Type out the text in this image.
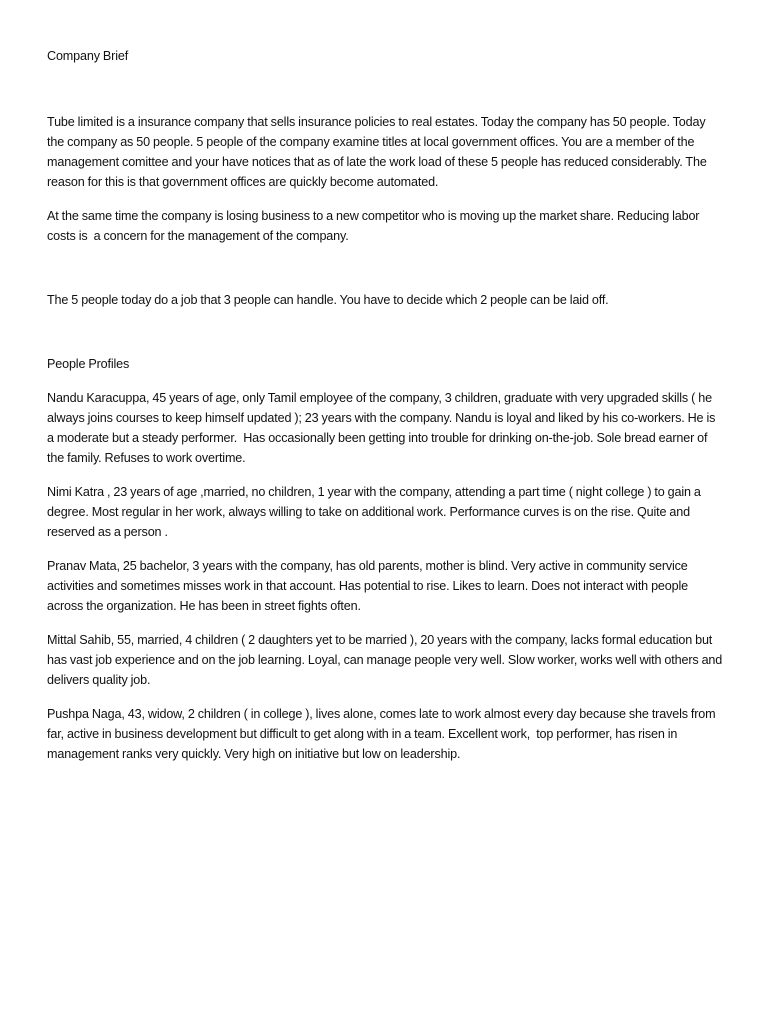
Company Brief

Tube limited is a insurance company that sells insurance policies to real estates. Today the company has 50 people. Today  the company as 50 people. 5 people of the company examine titles at local government offices. You are a member of the management comittee and your have notices that as of late the work load of these 5 people has reduced considerably. The reason for this is that government offices are quickly become automated.

At the same time the company is losing business to a new competitor who is moving up the market share. Reducing labor costs is  a concern for the management of the company.

The 5 people today do a job that 3 people can handle. You have to decide which 2 people can be laid off.

People Profiles

Nandu Karacuppa, 45 years of age, only Tamil employee of the company, 3 children, graduate with very upgraded skills ( he always joins courses to keep himself updated ); 23 years with the company. Nandu is loyal and liked by his co-workers. He is a moderate but a steady performer.  Has occasionally been getting into trouble for drinking on-the-job. Sole bread earner of the family. Refuses to work overtime.

Nimi Katra , 23 years of age ,married, no children, 1 year with the company, attending a part time ( night college ) to gain a degree. Most regular in her work, always willing to take on additional work. Performance curves is on the rise. Quite and reserved as a person .

Pranav Mata, 25 bachelor, 3 years with the company, has old parents, mother is blind. Very active in community service activities and sometimes misses work in that account. Has potential to rise. Likes to learn. Does not interact with people across the organization. He has been in street fights often.

Mittal Sahib, 55, married, 4 children ( 2 daughters yet to be married ), 20 years with the company, lacks formal education but has vast job experience and on the job learning. Loyal, can manage people very well. Slow worker, works well with others and delivers quality job.

Pushpa Naga, 43, widow, 2 children ( in college ), lives alone, comes late to work almost every day because she travels from far, active in business development but difficult to get along with in a team. Excellent work,  top performer, has risen in management ranks very quickly. Very high on initiative but low on leadership.
